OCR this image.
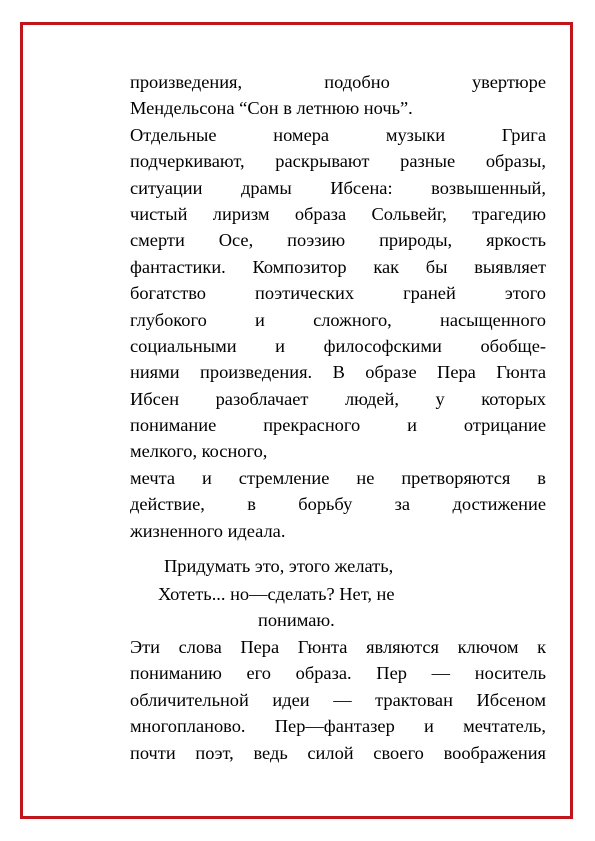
произведения, подобно увертюре
Мендельсона “Сон в летнюю ночь”.
Отдельные номера музыки Грига
подчеркивают, раскрывают разные образы,
ситуации драмы Ибсена: возвышенный,
чистый лиризм образа Сольвейг, трагедию
смерти Осе, поэзию природы, яркость
фантастики. Композитор как бы выявляет
богатство поэтических граней этого
глубокого и сложного, насыщенного
социальными и философскими обобще-
ниями произведения. В образе Пера Гюнта
Ибсен разоблачает людей, у которых
понимание прекрасного и отрицание
мелкого, косного,
мечта и стремление не претворяются в
действие, в борьбу за достижение
жизненного идеала.
Придумать это, этого желать,
Хотеть... но—сделать? Нет, не
понимаю.
Эти слова Пера Гюнта являются ключом к
пониманию его образа. Пер — носитель
обличительной идеи — трактован Ибсеном
многопланово. Пер—фантазер и мечтатель,
почти поэт, ведь силой своего воображения
